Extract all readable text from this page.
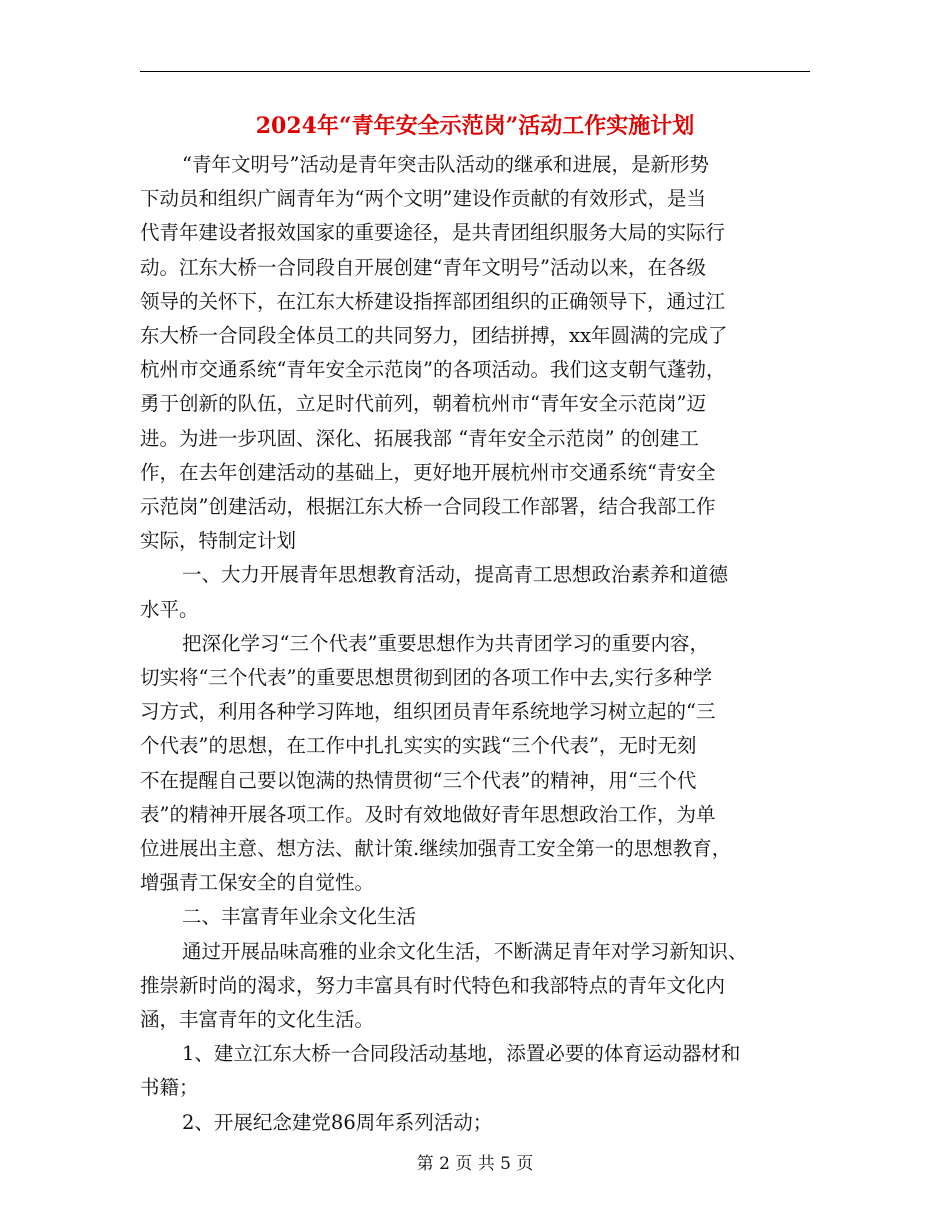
2024年“青年安全示范岗”活动工作实施计划

“青年文明号”活动是青年突击队活动的继承和进展，是新形势
下动员和组织广阔青年为“两个文明”建设作贡献的有效形式，是当
代青年建设者报效国家的重要途径，是共青团组织服务大局的实际行
动。江东大桥一合同段自开展创建“青年文明号”活动以来，在各级
领导的关怀下，在江东大桥建设指挥部团组织的正确领导下，通过江
东大桥一合同段全体员工的共同努力，团结拼搏，xx年圆满的完成了
杭州市交通系统“青年安全示范岗”的各项活动。我们这支朝气蓬勃，
勇于创新的队伍，立足时代前列，朝着杭州市“青年安全示范岗”迈
进。为进一步巩固、深化、拓展我部 “青年安全示范岗” 的创建工
作，在去年创建活动的基础上，更好地开展杭州市交通系统“青安全
示范岗”创建活动，根据江东大桥一合同段工作部署，结合我部工作
实际，特制定计划

一、大力开展青年思想教育活动，提高青工思想政治素养和道德
水平。

把深化学习“三个代表”重要思想作为共青团学习的重要内容，
切实将“三个代表”的重要思想贯彻到团的各项工作中去,实行多种学
习方式，利用各种学习阵地，组织团员青年系统地学习树立起的“三
个代表”的思想，在工作中扎扎实实的实践“三个代表”，无时无刻
不在提醒自己要以饱满的热情贯彻“三个代表”的精神，用“三个代
表”的精神开展各项工作。及时有效地做好青年思想政治工作，为单
位进展出主意、想方法、献计策.继续加强青工安全第一的思想教育，
增强青工保安全的自觉性。

二、丰富青年业余文化生活

通过开展品味高雅的业余文化生活，不断满足青年对学习新知识、
推崇新时尚的渴求，努力丰富具有时代特色和我部特点的青年文化内
涵，丰富青年的文化生活。

1、建立江东大桥一合同段活动基地，添置必要的体育运动器材和
书籍；

2、开展纪念建党86周年系列活动；

第 2 页 共 5 页
